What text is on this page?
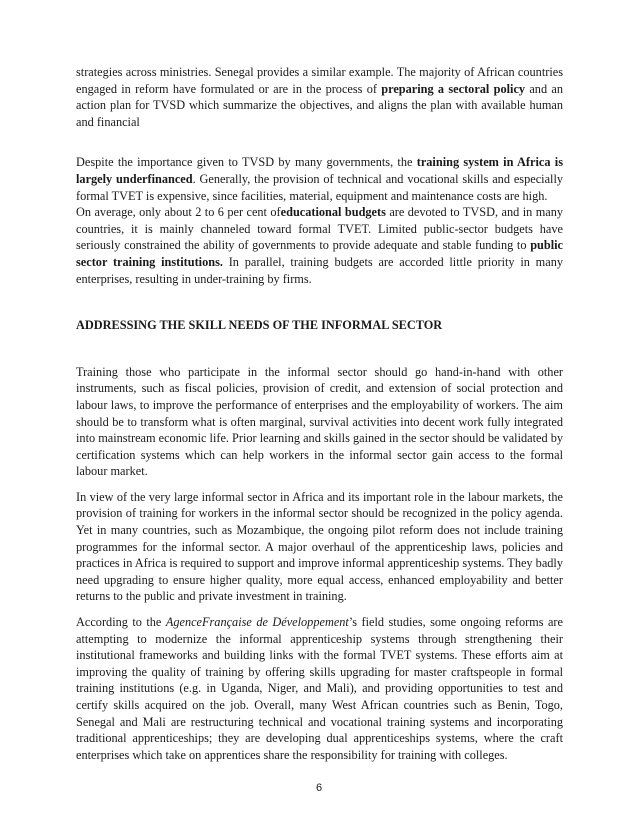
strategies across ministries. Senegal provides a similar example. The majority of African countries engaged in reform have formulated or are in the process of preparing a sectoral policy and an action plan for TVSD which summarize the objectives, and aligns the plan with available human and financial

Despite the importance given to TVSD by many governments, the training system in Africa is largely underfinanced. Generally, the provision of technical and vocational skills and especially formal TVET is expensive, since facilities, material, equipment and maintenance costs are high.

On average, only about 2 to 6 per cent ofeducational budgets are devoted to TVSD, and in many countries, it is mainly channeled toward formal TVET. Limited public-sector budgets have seriously constrained the ability of governments to provide adequate and stable funding to public sector training institutions. In parallel, training budgets are accorded little priority in many enterprises, resulting in under-training by firms.

ADDRESSING THE SKILL NEEDS OF THE INFORMAL SECTOR

Training those who participate in the informal sector should go hand-in-hand with other instruments, such as fiscal policies, provision of credit, and extension of social protection and labour laws, to improve the performance of enterprises and the employability of workers. The aim should be to transform what is often marginal, survival activities into decent work fully integrated into mainstream economic life. Prior learning and skills gained in the sector should be validated by certification systems which can help workers in the informal sector gain access to the formal labour market.

In view of the very large informal sector in Africa and its important role in the labour markets, the provision of training for workers in the informal sector should be recognized in the policy agenda. Yet in many countries, such as Mozambique, the ongoing pilot reform does not include training programmes for the informal sector. A major overhaul of the apprenticeship laws, policies and practices in Africa is required to support and improve informal apprenticeship systems. They badly need upgrading to ensure higher quality, more equal access, enhanced employability and better returns to the public and private investment in training.

According to the AgenceFrançaise de Développement’s field studies, some ongoing reforms are attempting to modernize the informal apprenticeship systems through strengthening their institutional frameworks and building links with the formal TVET systems. These efforts aim at improving the quality of training by offering skills upgrading for master craftspeople in formal training institutions (e.g. in Uganda, Niger, and Mali), and providing opportunities to test and certify skills acquired on the job. Overall, many West African countries such as Benin, Togo, Senegal and Mali are restructuring technical and vocational training systems and incorporating traditional apprenticeships; they are developing dual apprenticeships systems, where the craft enterprises which take on apprentices share the responsibility for training with colleges.

6
